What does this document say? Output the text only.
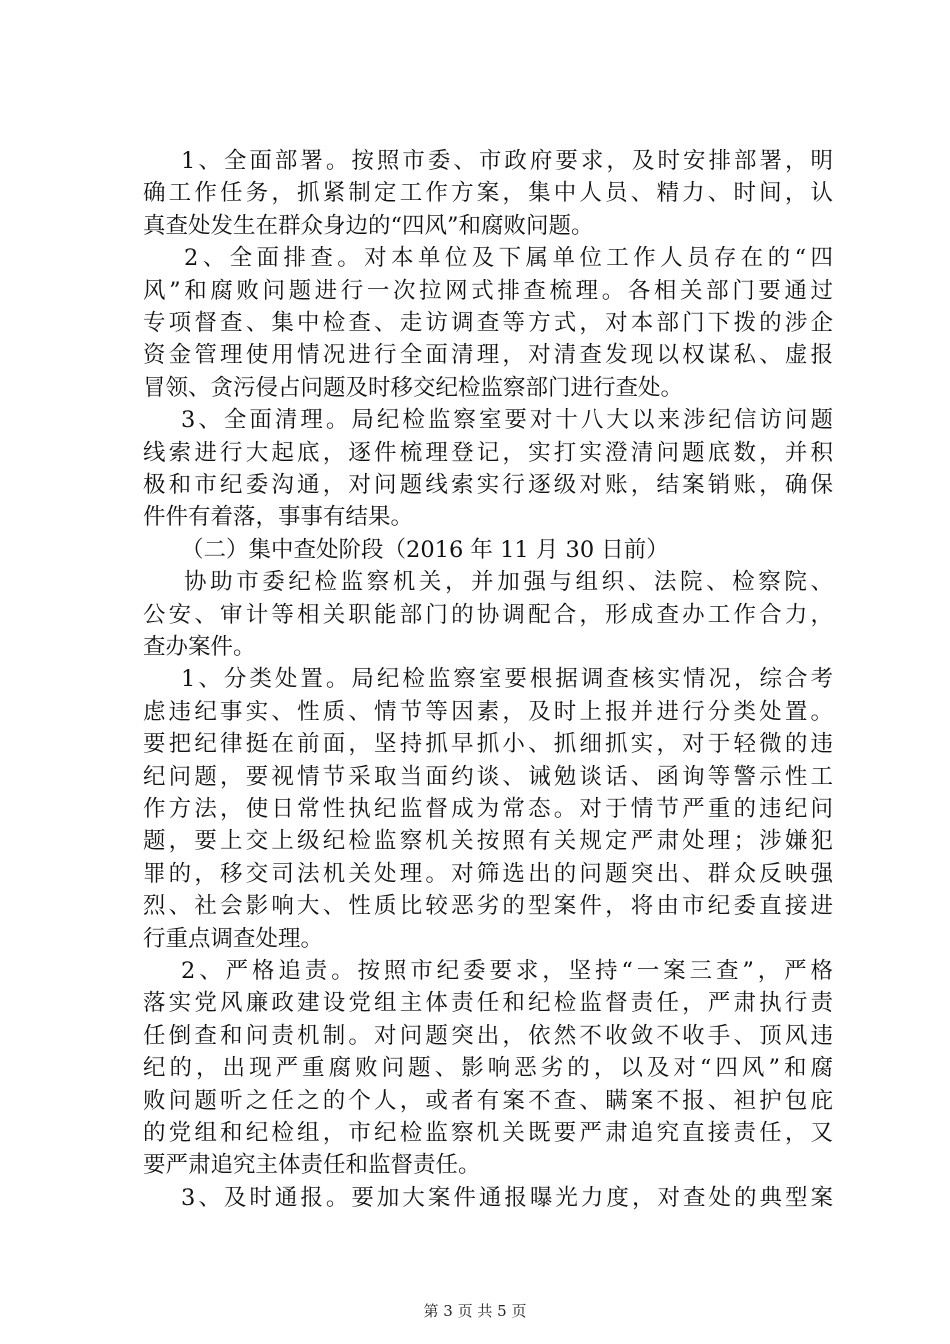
1、全面部署。按照市委、市政府要求，及时安排部署，明
确工作任务，抓紧制定工作方案，集中人员、精力、时间，认
真查处发生在群众身边的“四风”和腐败问题。
2、全面排查。对本单位及下属单位工作人员存在的“四
风”和腐败问题进行一次拉网式排查梳理。各相关部门要通过
专项督查、集中检查、走访调查等方式，对本部门下拨的涉企
资金管理使用情况进行全面清理，对清查发现以权谋私、虚报
冒领、贪污侵占问题及时移交纪检监察部门进行查处。
3、全面清理。局纪检监察室要对十八大以来涉纪信访问题
线索进行大起底，逐件梳理登记，实打实澄清问题底数，并积
极和市纪委沟通，对问题线索实行逐级对账，结案销账，确保
件件有着落，事事有结果。
（二）集中查处阶段（2016 年 11 月 30 日前）
协助市委纪检监察机关，并加强与组织、法院、检察院、
公安、审计等相关职能部门的协调配合，形成查办工作合力，
查办案件。
1、分类处置。局纪检监察室要根据调查核实情况，综合考
虑违纪事实、性质、情节等因素，及时上报并进行分类处置。
要把纪律挺在前面，坚持抓早抓小、抓细抓实，对于轻微的违
纪问题，要视情节采取当面约谈、诫勉谈话、函询等警示性工
作方法，使日常性执纪监督成为常态。对于情节严重的违纪问
题，要上交上级纪检监察机关按照有关规定严肃处理；涉嫌犯
罪的，移交司法机关处理。对筛选出的问题突出、群众反映强
烈、社会影响大、性质比较恶劣的型案件，将由市纪委直接进
行重点调查处理。
2、严格追责。按照市纪委要求，坚持“一案三查”，严格
落实党风廉政建设党组主体责任和纪检监督责任，严肃执行责
任倒查和问责机制。对问题突出，依然不收敛不收手、顶风违
纪的，出现严重腐败问题、影响恶劣的，以及对“四风”和腐
败问题听之任之的个人，或者有案不查、瞒案不报、袒护包庇
的党组和纪检组，市纪检监察机关既要严肃追究直接责任，又
要严肃追究主体责任和监督责任。
3、及时通报。要加大案件通报曝光力度，对查处的典型案
第 3 页 共 5 页
